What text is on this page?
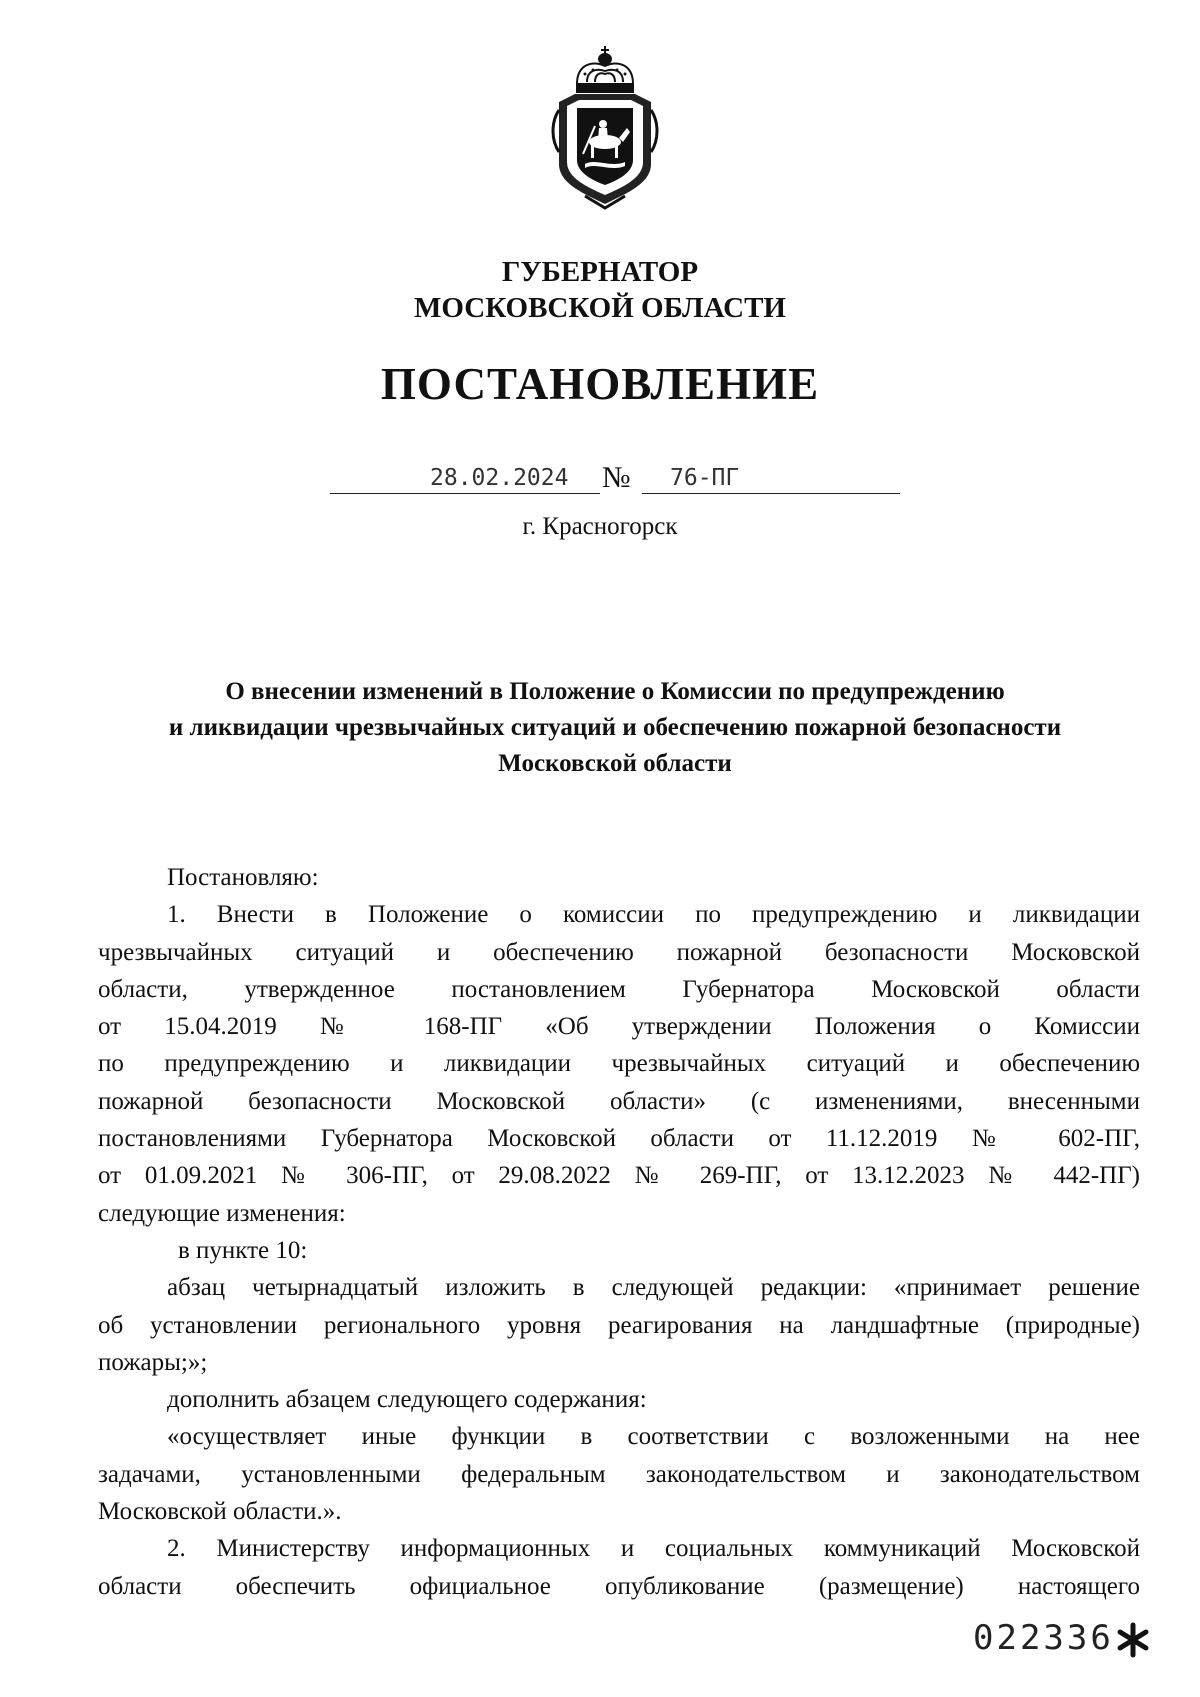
ГУБЕРНАТОР
МОСКОВСКОЙ ОБЛАСТИ
ПОСТАНОВЛЕНИЕ
28.02.2024 № 76-ПГ
г. Красногорск
О внесении изменений в Положение о Комиссии по предупреждению
и ликвидации чрезвычайных ситуаций и обеспечению пожарной безопасности
Московской области
Постановляю:
1. Внести в Положение о комиссии по предупреждению и ликвидации
чрезвычайных ситуаций и обеспечению пожарной безопасности Московской
области, утвержденное постановлением Губернатора Московской области
от 15.04.2019 № 168-ПГ «Об утверждении Положения о Комиссии
по предупреждению и ликвидации чрезвычайных ситуаций и обеспечению
пожарной безопасности Московской области» (с изменениями, внесенными
постановлениями Губернатора Московской области от 11.12.2019 № 602-ПГ,
от 01.09.2021 № 306-ПГ, от 29.08.2022 № 269-ПГ, от 13.12.2023 № 442-ПГ)
следующие изменения:
в пункте 10:
абзац четырнадцатый изложить в следующей редакции: «принимает решение
об установлении регионального уровня реагирования на ландшафтные (природные)
пожары;»;
дополнить абзацем следующего содержания:
«осуществляет иные функции в соответствии с возложенными на нее
задачами, установленными федеральным законодательством и законодательством
Московской области.».
2. Министерству информационных и социальных коммуникаций Московской
области обеспечить официальное опубликование (размещение) настоящего
022336
